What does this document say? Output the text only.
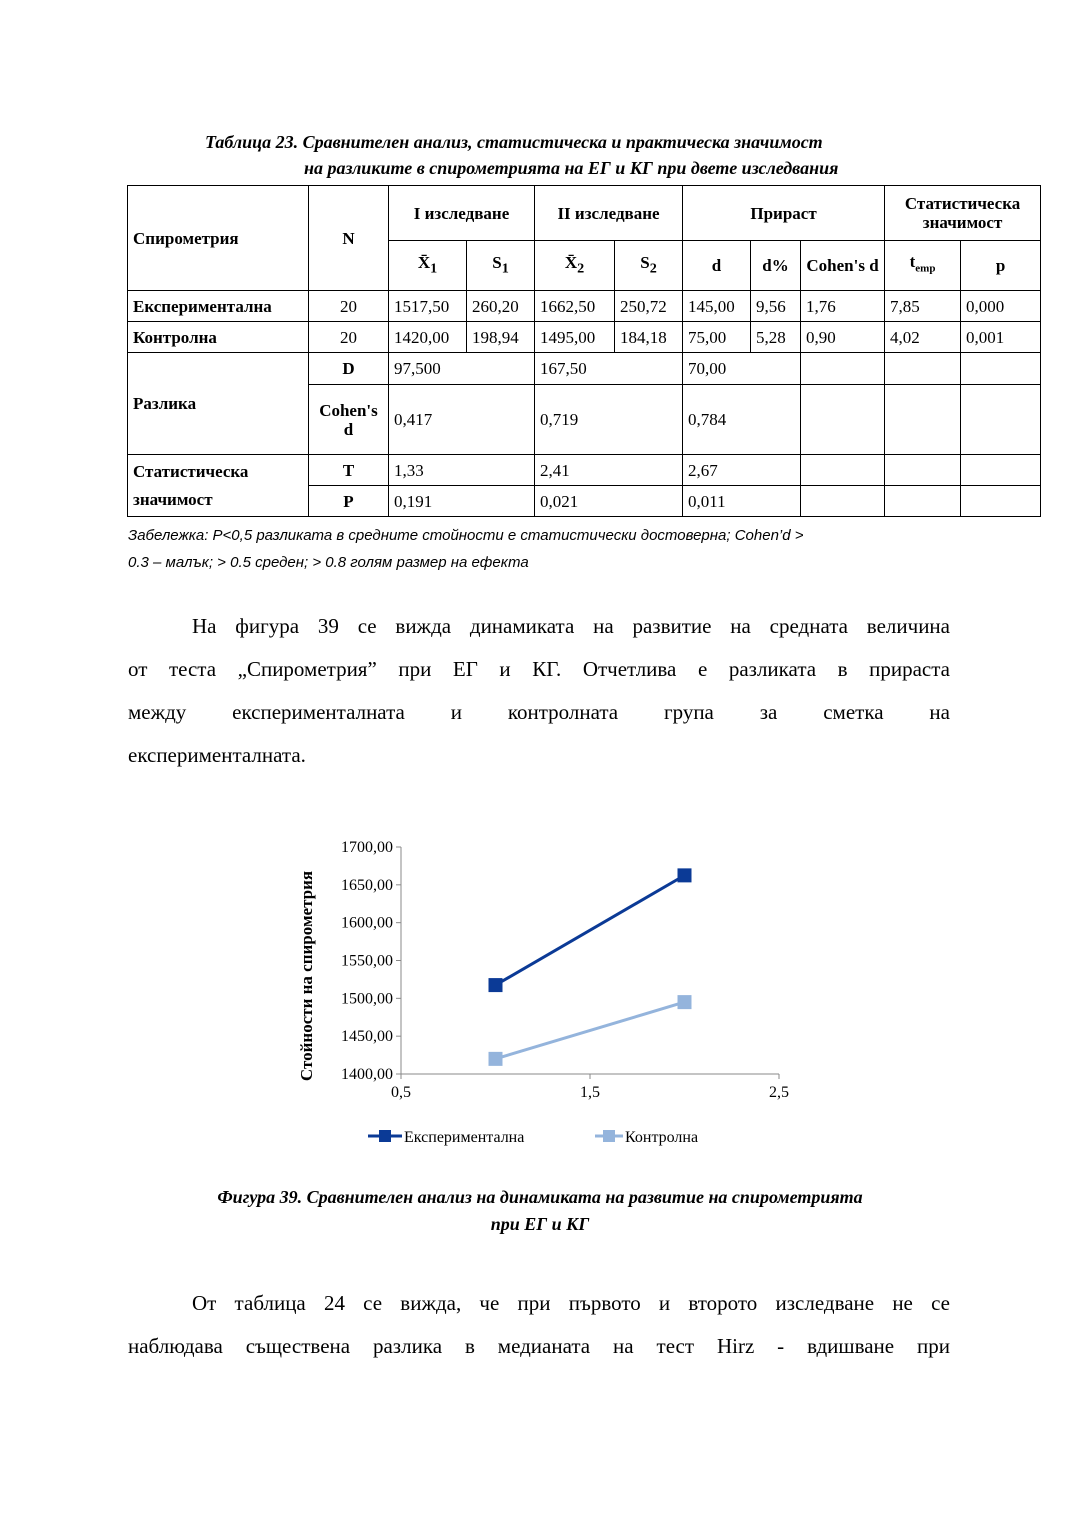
Таблица 23. Сравнителен анализ, статистическа и практическа значимост
на разликите в спирометрията на ЕГ и КГ при двете изследвания
Спирометрия	N	I изследване		II изследване		Прираст			Статистическа значимост	
		$X̄_1$	$S_1$	$X̄_2$	$S_2$	d	d%	Cohen's d	$t_{emp}$	p
Експериментална	20	1517,50	260,20	1662,50	250,72	145,00	9,56	1,76	7,85	0,000
Контролна	20	1420,00	198,94	1495,00	184,18	75,00	5,28	0,90	4,02	0,001
Разлика	D	97,500		167,50		70,00				
	Cohen's d	0,417		0,719		0,784				
Статистическа значимост	T	1,33		2,41		2,67				
	P	0,191		0,021		0,011				
Забележка: P<0,5 разликата в средните стойности е статистически достоверна; Cohen’d >
0.3 – малък; > 0.5 среден; > 0.8 голям размер на ефекта
На фигура 39 се вижда динамиката на развитие на средната величина
от теста „Спирометрия” при ЕГ и КГ. Отчетлива е разликата в прираста
между експерименталната и контролната група за сметка на
експерименталната.
Стойности на спирометрия 1400,00
1450,00
1500,00
1550,00
1600,00
1650,00
1700,00
0,5	1,5	2,5
Експериментална	Контролна
Фигура 39. Сравнителен анализ на динамиката на развитие на спирометрията
при ЕГ и КГ
От таблица 24 се вижда, че при първото и второто изследване не се
наблюдава съществена разлика в медианата на тест Hirz - вдишване при
